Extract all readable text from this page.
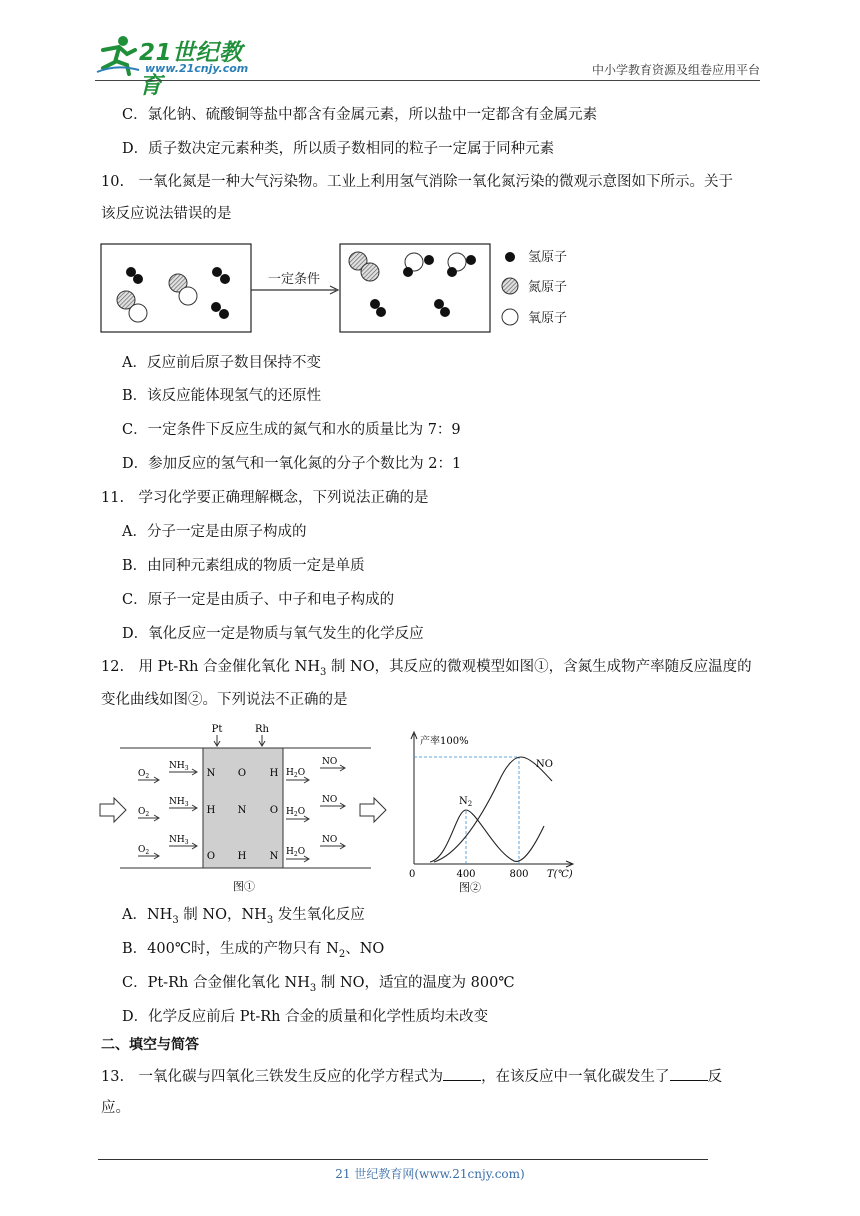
21世纪教育
www.21cnjy.com	中小学教育资源及组卷应用平台
C．氯化钠、硫酸铜等盐中都含有金属元素，所以盐中一定都含有金属元素
D．质子数决定元素种类，所以质子数相同的粒子一定属于同种元素
10.　一氧化氮是一种大气污染物。工业上利用氢气消除一氧化氮污染的微观示意图如下所示。关于
该反应说法错误的是
一定条件
氢原子
氮原子
氧原子
A．反应前后原子数目保持不变
B．该反应能体现氢气的还原性
C．一定条件下反应生成的氮气和水的质量比为 7：9
D．参加反应的氢气和一氧化氮的分子个数比为 2：1
11.　学习化学要正确理解概念，下列说法正确的是
A．分子一定是由原子构成的
B．由同种元素组成的物质一定是单质
C．原子一定是由质子、中子和电子构成的
D．氧化反应一定是物质与氧气发生的化学反应
12.　用 Pt-Rh 合金催化氧化 $NH_3$ 制 NO，其反应的微观模型如图①，含氮生成物产率随反应温度的
变化曲线如图②。下列说法不正确的是
Pt	Rh
N O H
H N O
O H N
$NH_3$
$O_2$
$NH_3$
$O_2$
$NH_3$
$O_2$
NO
$H_2O$
NO
$H_2O$
NO
$H_2O$
图①
产率100%
$N_2$
NO
0	400	800 T(℃)
图②
A．$NH_3$ 制 NO，$NH_3$ 发生氧化反应
B．400℃时，生成的产物只有 $N_2$、NO
C．Pt-Rh 合金催化氧化 $NH_3$ 制 NO，适宜的温度为 800℃
D．化学反应前后 Pt-Rh 合金的质量和化学性质均未改变
二、填空与简答
13.　一氧化碳与四氧化三铁发生反应的化学方程式为	，在该反应中一氧化碳发生了	反
应。
21 世纪教育网(www.21cnjy.com)
